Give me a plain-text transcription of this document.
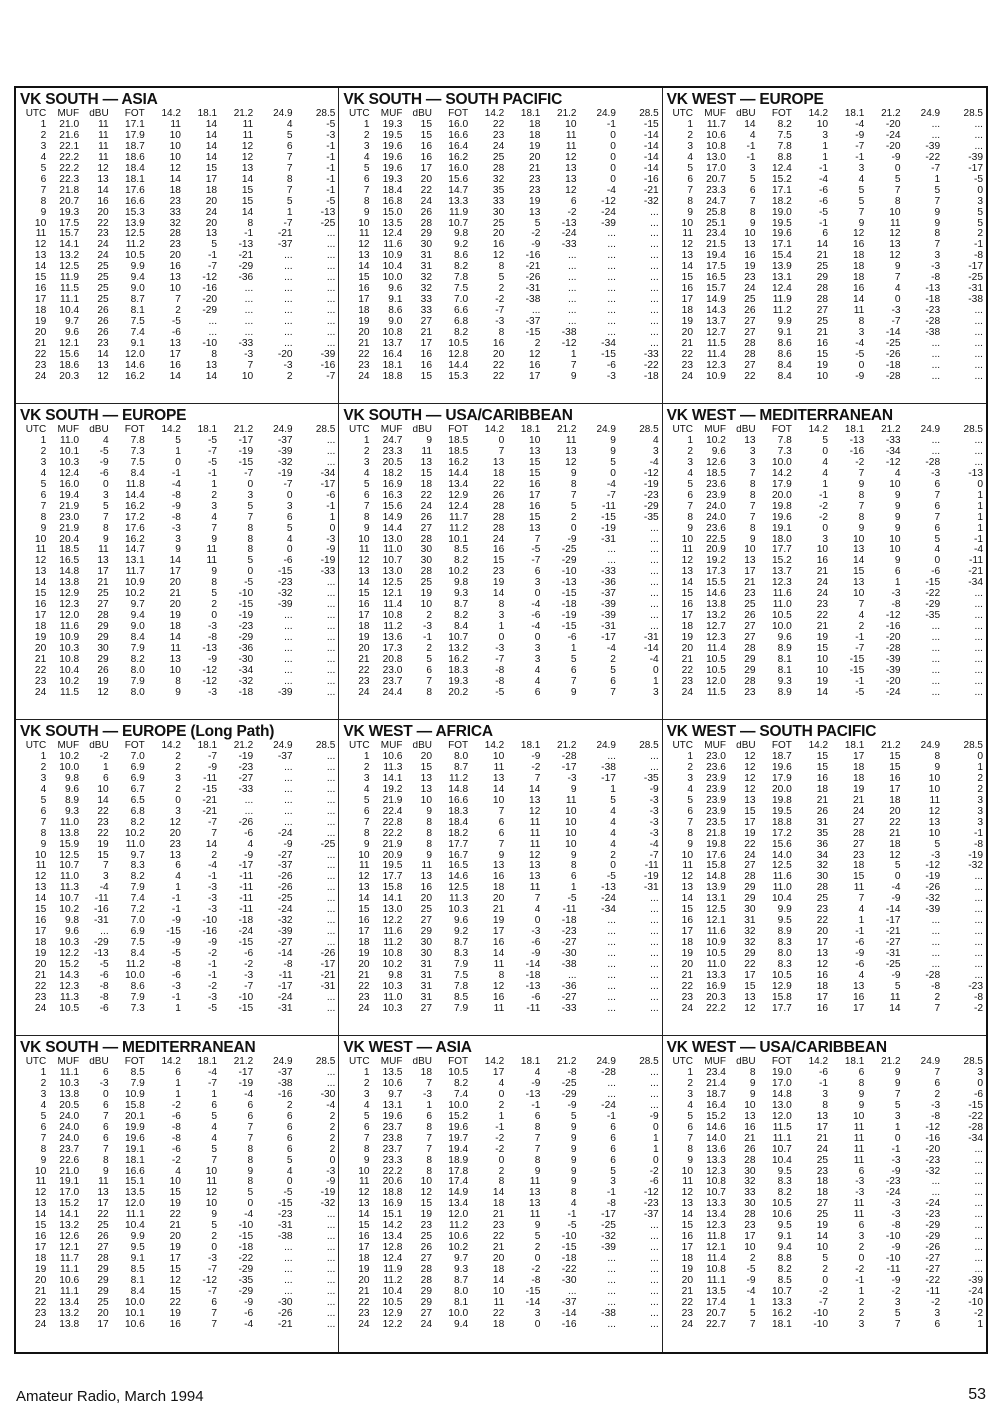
VK SOUTH — ASIA
UTC	MUF	dBU	FOT	14.2	18.1	21.2	24.9	28.5
1	21.0	11	17.1	11	14	11	4	-5
2	21.6	11	17.9	10	14	11	5	-3
3	22.1	11	18.7	10	14	12	6	-1
4	22.2	11	18.6	10	14	12	7	-1
5	22.2	12	18.4	12	15	13	7	-1
6	22.3	13	18.1	14	17	14	8	-1
7	21.8	14	17.6	18	18	15	7	-1
8	20.7	16	16.6	23	20	15	5	-5
9	19.3	20	15.3	33	24	14	1	-13
10	17.5	22	13.9	32	20	8	-7	-25
11	15.7	23	12.5	28	13	-1	-21	...
12	14.1	24	11.2	23	5	-13	-37	...
13	13.2	24	10.5	20	-1	-21	...	...
14	12.5	25	9.9	16	-7	-29	...	...
15	11.9	25	9.4	13	-12	-36	...	...
16	11.5	25	9.0	10	-16	...	...	...
17	11.1	25	8.7	7	-20	...	...	...
18	10.4	26	8.1	2	-29	...	...	...
19	9.7	26	7.5	-5	...	...	...	...
20	9.6	26	7.4	-6	...	...	...	...
21	12.1	23	9.1	13	-10	-33	...	...
22	15.6	14	12.0	17	8	-3	-20	-39
23	18.6	13	14.6	16	13	7	-3	-16
24	20.3	12	16.2	14	14	10	2	-7
VK SOUTH — SOUTH PACIFIC
UTC	MUF	dBU	FOT	14.2	18.1	21.2	24.9	28.5
1	19.3	15	16.0	22	18	10	-1	-15
2	19.5	15	16.6	23	18	11	0	-14
3	19.6	16	16.4	24	19	11	0	-14
4	19.6	16	16.2	25	20	12	0	-14
5	19.6	17	16.0	28	21	13	0	-14
6	19.3	20	15.6	32	23	13	0	-16
7	18.4	22	14.7	35	23	12	-4	-21
8	16.8	24	13.3	33	19	6	-12	-32
9	15.0	26	11.9	30	13	-2	-24	...
10	13.5	28	10.7	25	5	-13	-39	...
11	12.4	29	9.8	20	-2	-24	...	...
12	11.6	30	9.2	16	-9	-33	...	...
13	10.9	31	8.6	12	-16	...	...	...
14	10.4	31	8.2	8	-21	...	...	...
15	10.0	32	7.8	5	-26	...	...	...
16	9.6	32	7.5	2	-31	...	...	...
17	9.1	33	7.0	-2	-38	...	...	...
18	8.6	33	6.6	-7	...	...	...	...
19	9.0	27	6.8	-3	-37	...	...	...
20	10.8	21	8.2	8	-15	-38	...	...
21	13.7	17	10.5	16	2	-12	-34	...
22	16.4	16	12.8	20	12	1	-15	-33
23	18.1	16	14.4	22	16	7	-6	-22
24	18.8	15	15.3	22	17	9	-3	-18
VK WEST — EUROPE
UTC	MUF	dBU	FOT	14.2	18.1	21.2	24.9	28.5
1	11.7	14	8.2	10	-4	-20	...	...
2	10.6	4	7.5	3	-9	-24	...	...
3	10.8	-1	7.8	1	-7	-20	-39	...
4	13.0	-1	8.8	1	-1	-9	-22	-39
5	17.0	3	12.4	-1	3	0	-7	-17
6	20.7	5	15.2	-4	4	5	1	-5
7	23.3	6	17.1	-6	5	7	5	0
8	24.7	7	18.2	-6	5	8	7	3
9	25.8	8	19.0	-5	7	10	9	5
10	25.1	9	19.5	-1	9	11	9	5
11	23.4	10	19.6	6	12	12	8	2
12	21.5	13	17.1	14	16	13	7	-1
13	19.4	16	15.4	21	18	12	3	-8
14	17.5	19	13.9	25	18	9	-3	-17
15	16.5	23	13.1	29	18	7	-8	-25
16	15.7	24	12.4	28	16	4	-13	-31
17	14.9	25	11.9	28	14	0	-18	-38
18	14.3	26	11.2	27	11	-3	-23	...
19	13.7	27	9.9	25	8	-7	-28	...
20	12.7	27	9.1	21	3	-14	-38	...
21	11.5	28	8.6	16	-4	-25	...	...
22	11.4	28	8.6	15	-5	-26	...	...
23	12.3	27	8.4	19	0	-18	...	...
24	10.9	22	8.4	10	-9	-28	...	...
VK SOUTH — EUROPE
UTC	MUF	dBU	FOT	14.2	18.1	21.2	24.9	28.5
1	11.0	4	7.8	5	-5	-17	-37	...
2	10.1	-5	7.3	1	-7	-19	-39	...
3	10.3	-9	7.5	0	-5	-15	-32	...
4	12.4	-6	8.4	-1	-1	-7	-19	-34
5	16.0	0	11.8	-4	1	0	-7	-17
6	19.4	3	14.4	-8	2	3	0	-6
7	21.9	5	16.2	-9	3	5	3	-1
8	23.0	7	17.2	-8	4	7	6	1
9	21.9	8	17.6	-3	7	8	5	0
10	20.4	9	16.2	3	9	8	4	-3
11	18.5	11	14.7	9	11	8	0	-9
12	16.5	13	13.1	14	11	5	-6	-19
13	14.8	17	11.7	17	9	0	-15	-33
14	13.8	21	10.9	20	8	-5	-23	...
15	12.9	25	10.2	21	5	-10	-32	...
16	12.3	27	9.7	20	2	-15	-39	...
17	12.0	28	9.4	19	0	-19	...	...
18	11.6	29	9.0	18	-3	-23	...	...
19	10.9	29	8.4	14	-8	-29	...	...
20	10.3	30	7.9	11	-13	-36	...	...
21	10.8	29	8.2	13	-9	-30	...	...
22	10.4	26	8.0	10	-12	-34	...	...
23	10.2	19	7.9	8	-12	-32	...	...
24	11.5	12	8.0	9	-3	-18	-39	...
VK SOUTH — USA/CARIBBEAN
UTC	MUF	dBU	FOT	14.2	18.1	21.2	24.9	28.5
1	24.7	9	18.5	0	10	11	9	4
2	23.3	11	18.5	7	13	13	9	3
3	20.5	13	16.2	13	15	12	5	-4
4	18.2	15	14.4	18	15	9	0	-12
5	16.9	18	13.4	22	16	8	-4	-19
6	16.3	22	12.9	26	17	7	-7	-23
7	15.6	24	12.4	28	16	5	-11	-29
8	14.9	26	11.7	28	15	2	-15	-35
9	14.4	27	11.2	28	13	0	-19	...
10	13.0	28	10.1	24	7	-9	-31	...
11	11.0	30	8.5	16	-5	-25	...	...
12	10.7	30	8.2	15	-7	-29	...	...
13	13.0	28	10.2	23	6	-10	-33	...
14	12.5	25	9.8	19	3	-13	-36	...
15	12.1	19	9.3	14	0	-15	-37	...
16	11.4	10	8.7	8	-4	-18	-39	...
17	10.8	2	8.2	3	-6	-19	-39	...
18	11.2	-3	8.4	1	-4	-15	-31	...
19	13.6	-1	10.7	0	0	-6	-17	-31
20	17.3	2	13.2	-3	3	1	-4	-14
21	20.8	5	16.2	-7	3	5	2	-4
22	23.0	6	18.3	-8	4	6	5	0
23	23.7	7	19.3	-8	4	7	6	1
24	24.4	8	20.2	-5	6	9	7	3
VK WEST — MEDITERRANEAN
UTC	MUF	dBU	FOT	14.2	18.1	21.2	24.9	28.5
1	10.2	13	7.8	5	-13	-33	...	...
2	9.6	3	7.3	0	-16	-34	...	...
3	12.6	3	10.0	4	-2	-12	-28	...
4	18.5	7	14.2	4	7	4	-3	-13
5	23.6	8	17.9	1	9	10	6	0
6	23.9	8	20.0	-1	8	9	7	1
7	24.0	7	19.8	-2	7	9	6	1
8	24.0	7	19.6	-2	8	9	7	1
9	23.6	8	19.1	0	9	9	6	1
10	22.5	9	18.0	3	10	10	5	-1
11	20.9	10	17.7	10	13	10	4	-4
12	19.2	13	15.2	16	14	9	0	-11
13	17.3	17	13.7	21	15	6	-6	-21
14	15.5	21	12.3	24	13	1	-15	-34
15	14.6	23	11.6	24	10	-3	-22	...
16	13.8	25	11.0	23	7	-8	-29	...
17	13.2	26	10.5	22	4	-12	-35	...
18	12.7	27	10.0	21	2	-16	...	...
19	12.3	27	9.6	19	-1	-20	...	...
20	11.4	28	8.9	15	-7	-28	...	...
21	10.5	29	8.1	10	-15	-39	...	...
22	10.5	29	8.1	10	-15	-39	...	...
23	12.0	28	9.3	19	-1	-20	...	...
24	11.5	23	8.9	14	-5	-24	...	...
VK SOUTH — EUROPE (Long Path)
UTC	MUF	dBU	FOT	14.2	18.1	21.2	24.9	28.5
1	10.2	-2	7.0	2	-7	-19	-37	...
2	10.0	1	6.9	2	-9	-23	...	...
3	9.8	6	6.9	3	-11	-27	...	...
4	9.6	10	6.7	2	-15	-33	...	...
5	8.9	14	6.5	0	-21	...	...	...
6	9.3	22	6.8	3	-21	...	...	...
7	11.0	23	8.2	12	-7	-26	...	...
8	13.8	22	10.2	20	7	-6	-24	...
9	15.9	19	11.0	23	14	4	-9	-25
10	12.5	15	9.7	13	2	-9	-27	...
11	10.7	7	8.3	6	-4	-17	-37	...
12	11.0	3	8.2	4	-1	-11	-26	...
13	11.3	-4	7.9	1	-3	-11	-26	...
14	10.7	-11	7.4	-1	-3	-11	-25	...
15	10.2	-16	7.2	-1	-3	-11	-24	...
16	9.8	-31	7.0	-9	-10	-18	-32	...
17	9.6	...	6.9	-15	-16	-24	-39	...
18	10.3	-29	7.5	-9	-9	-15	-27	...
19	12.2	-13	8.4	-5	-2	-6	-14	-26
20	15.2	-5	11.2	-8	-1	-2	-8	-17
21	14.3	-6	10.0	-6	-1	-3	-11	-21
22	12.3	-8	8.6	-3	-2	-7	-17	-31
23	11.3	-8	7.9	-1	-3	-10	-24	...
24	10.5	-6	7.3	1	-5	-15	-31	...
VK WEST — AFRICA
UTC	MUF	dBU	FOT	14.2	18.1	21.2	24.9	28.5
1	10.6	20	8.0	10	-9	-28	...	...
2	11.3	15	8.7	11	-2	-17	-38	...
3	14.1	13	11.2	13	7	-3	-17	-35
4	19.2	13	14.8	14	14	9	1	-9
5	21.9	10	16.6	10	13	11	5	-3
6	22.4	9	18.3	7	12	10	4	-3
7	22.8	8	18.4	6	11	10	4	-3
8	22.2	8	18.2	6	11	10	4	-3
9	21.9	8	17.7	7	11	10	4	-4
10	20.9	9	16.7	9	12	9	2	-7
11	19.5	11	16.5	13	13	8	0	-11
12	17.7	13	14.6	16	13	6	-5	-19
13	15.8	16	12.5	18	11	1	-13	-31
14	14.1	20	11.3	20	7	-5	-24	...
15	13.0	25	10.3	21	4	-11	-34	...
16	12.2	27	9.6	19	0	-18	...	...
17	11.6	29	9.2	17	-3	-23	...	...
18	11.2	30	8.7	16	-6	-27	...	...
19	10.8	30	8.3	14	-9	-30	...	...
20	10.2	31	7.9	11	-14	-38	...	...
21	9.8	31	7.5	8	-18	...	...	...
22	10.3	31	7.8	12	-13	-36	...	...
23	11.0	31	8.5	16	-6	-27	...	...
24	10.3	27	7.9	11	-11	-33	...	...
VK WEST — SOUTH PACIFIC
UTC	MUF	dBU	FOT	14.2	18.1	21.2	24.9	28.5
1	23.0	12	18.7	15	17	15	8	0
2	23.6	12	19.6	15	18	15	9	1
3	23.9	12	17.9	16	18	16	10	2
4	23.9	12	20.0	18	19	17	10	2
5	23.9	13	19.8	21	21	18	11	3
6	23.9	15	19.5	26	24	20	12	3
7	23.5	17	18.8	31	27	22	13	3
8	21.8	19	17.2	35	28	21	10	-1
9	19.8	22	15.6	36	27	18	5	-8
10	17.6	24	14.0	34	23	12	-3	-19
11	15.8	27	12.5	32	18	5	-12	-32
12	14.8	28	11.6	30	15	0	-19	...
13	13.9	29	11.0	28	11	-4	-26	...
14	13.1	29	10.4	25	7	-9	-32	...
15	12.5	30	9.9	23	4	-14	-39	...
16	12.1	31	9.5	22	1	-17	...	...
17	11.6	32	8.9	20	-1	-21	...	...
18	10.9	32	8.3	17	-6	-27	...	...
19	10.5	29	8.0	13	-9	-31	...	...
20	11.0	22	8.3	12	-6	-25	...	...
21	13.3	17	10.5	16	4	-9	-28	...
22	16.9	15	12.9	18	13	5	-8	-23
23	20.3	13	15.8	17	16	11	2	-8
24	22.2	12	17.7	16	17	14	7	-2
VK SOUTH — MEDITERRANEAN
UTC	MUF	dBU	FOT	14.2	18.1	21.2	24.9	28.5
1	11.1	6	8.5	6	-4	-17	-37	...
2	10.3	-3	7.9	1	-7	-19	-38	...
3	13.8	0	10.9	1	1	-4	-16	-30
4	20.5	6	15.8	-2	6	6	2	-4
5	24.0	7	20.1	-6	5	6	6	2
6	24.0	6	19.9	-8	4	7	6	2
7	24.0	6	19.6	-8	4	7	6	2
8	23.7	7	19.1	-6	5	8	6	2
9	22.6	8	18.1	-2	7	8	5	0
10	21.0	9	16.6	4	10	9	4	-3
11	19.1	11	15.1	10	11	8	0	-9
12	17.0	13	13.5	15	12	5	-5	-19
13	15.2	17	12.0	19	10	0	-15	-32
14	14.1	22	11.1	22	9	-4	-23	...
15	13.2	25	10.4	21	5	-10	-31	...
16	12.6	26	9.9	20	2	-15	-38	...
17	12.1	27	9.5	19	0	-18	...	...
18	11.7	28	9.1	17	-3	-22	...	...
19	11.1	29	8.5	15	-7	-29	...	...
20	10.6	29	8.1	12	-12	-35	...	...
21	11.1	29	8.4	15	-7	-29	...	...
22	13.4	25	10.0	22	6	-9	-30	...
23	13.2	20	10.1	19	7	-6	-26	...
24	13.8	17	10.6	16	7	-4	-21	...
VK WEST — ASIA
UTC	MUF	dBU	FOT	14.2	18.1	21.2	24.9	28.5
1	13.5	18	10.5	17	4	-8	-28	...
2	10.6	7	8.2	4	-9	-25	...	...
3	9.7	-3	7.4	0	-13	-29	...	...
4	13.1	1	10.0	2	-1	-9	-24	...
5	19.6	6	15.2	1	6	5	-1	-9
6	23.7	8	19.6	-1	8	9	6	0
7	23.8	7	19.7	-2	7	9	6	1
8	23.7	7	19.4	-2	7	9	6	1
9	23.3	8	18.9	0	8	9	6	0
10	22.2	8	17.8	2	9	9	5	-2
11	20.6	10	17.4	8	11	9	3	-6
12	18.8	12	14.9	14	13	8	-1	-12
13	16.9	15	13.4	18	13	4	-8	-23
14	15.1	19	12.0	21	11	-1	-17	-37
15	14.2	23	11.2	23	9	-5	-25	...
16	13.4	25	10.6	22	5	-10	-32	...
17	12.8	26	10.2	21	2	-15	-39	...
18	12.4	27	9.7	20	0	-18	...	...
19	11.9	28	9.3	18	-2	-22	...	...
20	11.2	28	8.7	14	-8	-30	...	...
21	10.4	29	8.0	10	-15	...	...	...
22	10.5	29	8.1	11	-14	-37	...	...
23	12.9	27	10.0	22	3	-14	-38	...
24	12.2	24	9.4	18	0	-16	...	...
VK WEST — USA/CARIBBEAN
UTC	MUF	dBU	FOT	14.2	18.1	21.2	24.9	28.5
1	23.4	8	19.0	-6	6	9	7	3
2	21.4	9	17.0	-1	8	9	6	0
3	18.7	9	14.8	3	9	7	2	-6
4	16.4	10	13.0	8	9	5	-3	-15
5	15.2	13	12.0	13	10	3	-8	-22
6	14.6	16	11.5	17	11	1	-12	-28
7	14.0	21	11.1	21	11	0	-16	-34
8	13.6	26	10.7	24	11	-1	-20	...
9	13.3	28	10.4	25	11	-3	-23	...
10	12.3	30	9.5	23	6	-9	-32	...
11	10.8	32	8.3	18	-3	-23	...	...
12	10.7	33	8.2	18	-3	-24	...	...
13	13.3	30	10.5	27	11	-3	-24	...
14	13.4	28	10.6	25	11	-3	-23	...
15	12.3	23	9.5	19	6	-8	-29	...
16	11.8	17	9.1	14	3	-10	-29	...
17	12.1	10	9.4	10	2	-9	-26	...
18	11.4	2	8.8	5	0	-10	-27	...
19	10.8	-5	8.2	2	-2	-11	-27	...
20	11.1	-9	8.5	0	-1	-9	-22	-39
21	13.5	-4	10.7	-2	1	-2	-11	-24
22	17.4	1	13.3	-7	2	3	-2	-10
23	20.7	5	16.2	-10	2	5	3	-2
24	22.7	7	18.1	-10	3	7	6	1
Amateur Radio, March 1994	53
